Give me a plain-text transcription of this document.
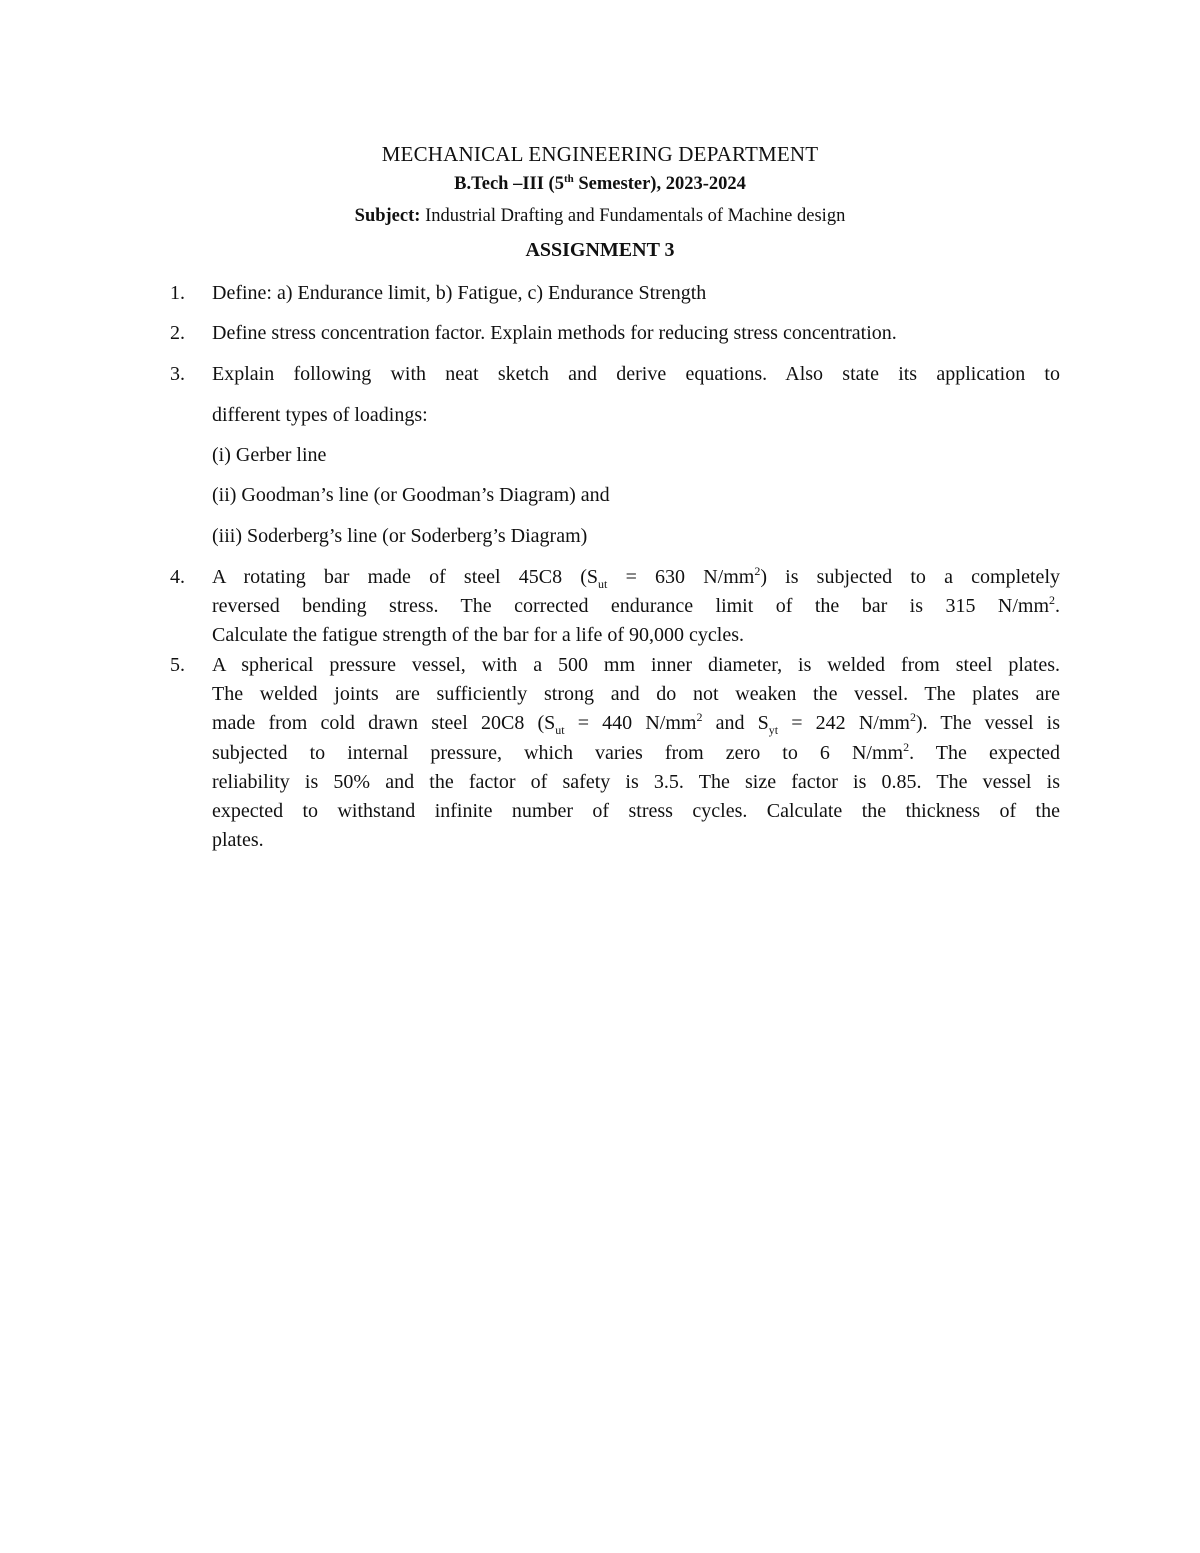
MECHANICAL ENGINEERING DEPARTMENT
B.Tech –III (5th Semester), 2023-2024
Subject: Industrial Drafting and Fundamentals of Machine design
ASSIGNMENT 3
1. Define: a) Endurance limit, b) Fatigue, c) Endurance Strength
2. Define stress concentration factor. Explain methods for reducing stress concentration.
3. Explain following with neat sketch and derive equations. Also state its application to
different types of loadings:
(i) Gerber line
(ii) Goodman’s line (or Goodman’s Diagram) and
(iii) Soderberg’s line (or Soderberg’s Diagram)
4. A rotating bar made of steel 45C8 ($S_{ut} = 630$ $N/mm^2$) is subjected to a completely
reversed bending stress. The corrected endurance limit of the bar is 315 $N/mm^2$.
Calculate the fatigue strength of the bar for a life of 90,000 cycles.
5. A spherical pressure vessel, with a 500 mm inner diameter, is welded from steel plates.
The welded joints are sufficiently strong and do not weaken the vessel. The plates are
made from cold drawn steel 20C8 ($S_{ut} = 440$ $N/mm^2$ and $S_{yt} = 242$ $N/mm^2$). The vessel is
subjected to internal pressure, which varies from zero to 6 $N/mm^2$. The expected
reliability is 50% and the factor of safety is 3.5. The size factor is 0.85. The vessel is
expected to withstand infinite number of stress cycles. Calculate the thickness of the
plates.
